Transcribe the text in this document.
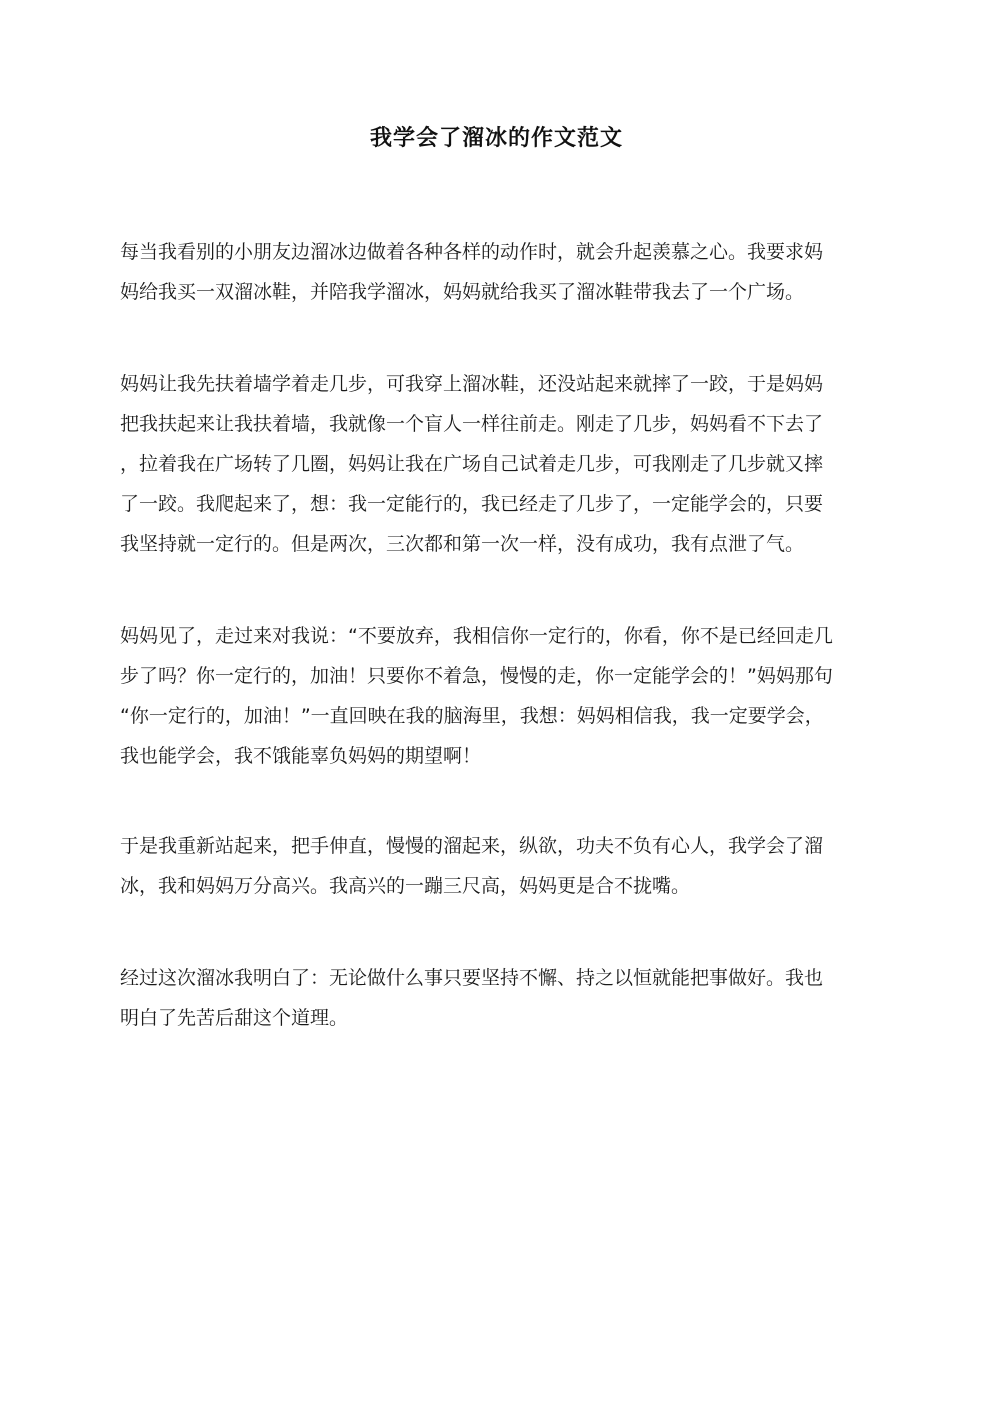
我学会了溜冰的作文范文
每当我看别的小朋友边溜冰边做着各种各样的动作时，就会升起羡慕之心。我要求妈
妈给我买一双溜冰鞋，并陪我学溜冰，妈妈就给我买了溜冰鞋带我去了一个广场。
妈妈让我先扶着墙学着走几步，可我穿上溜冰鞋，还没站起来就摔了一跤，于是妈妈
把我扶起来让我扶着墙，我就像一个盲人一样往前走。刚走了几步，妈妈看不下去了
，拉着我在广场转了几圈，妈妈让我在广场自己试着走几步，可我刚走了几步就又摔
了一跤。我爬起来了，想：我一定能行的，我已经走了几步了，一定能学会的，只要
我坚持就一定行的。但是两次，三次都和第一次一样，没有成功，我有点泄了气。
妈妈见了，走过来对我说：“不要放弃，我相信你一定行的，你看，你不是已经回走几
步了吗？你一定行的，加油！只要你不着急，慢慢的走，你一定能学会的！”妈妈那句
“你一定行的，加油！”一直回映在我的脑海里，我想：妈妈相信我，我一定要学会，
我也能学会，我不饿能辜负妈妈的期望啊！
于是我重新站起来，把手伸直，慢慢的溜起来，纵欲，功夫不负有心人，我学会了溜
冰，我和妈妈万分高兴。我高兴的一蹦三尺高，妈妈更是合不拢嘴。
经过这次溜冰我明白了：无论做什么事只要坚持不懈、持之以恒就能把事做好。我也
明白了先苦后甜这个道理。
